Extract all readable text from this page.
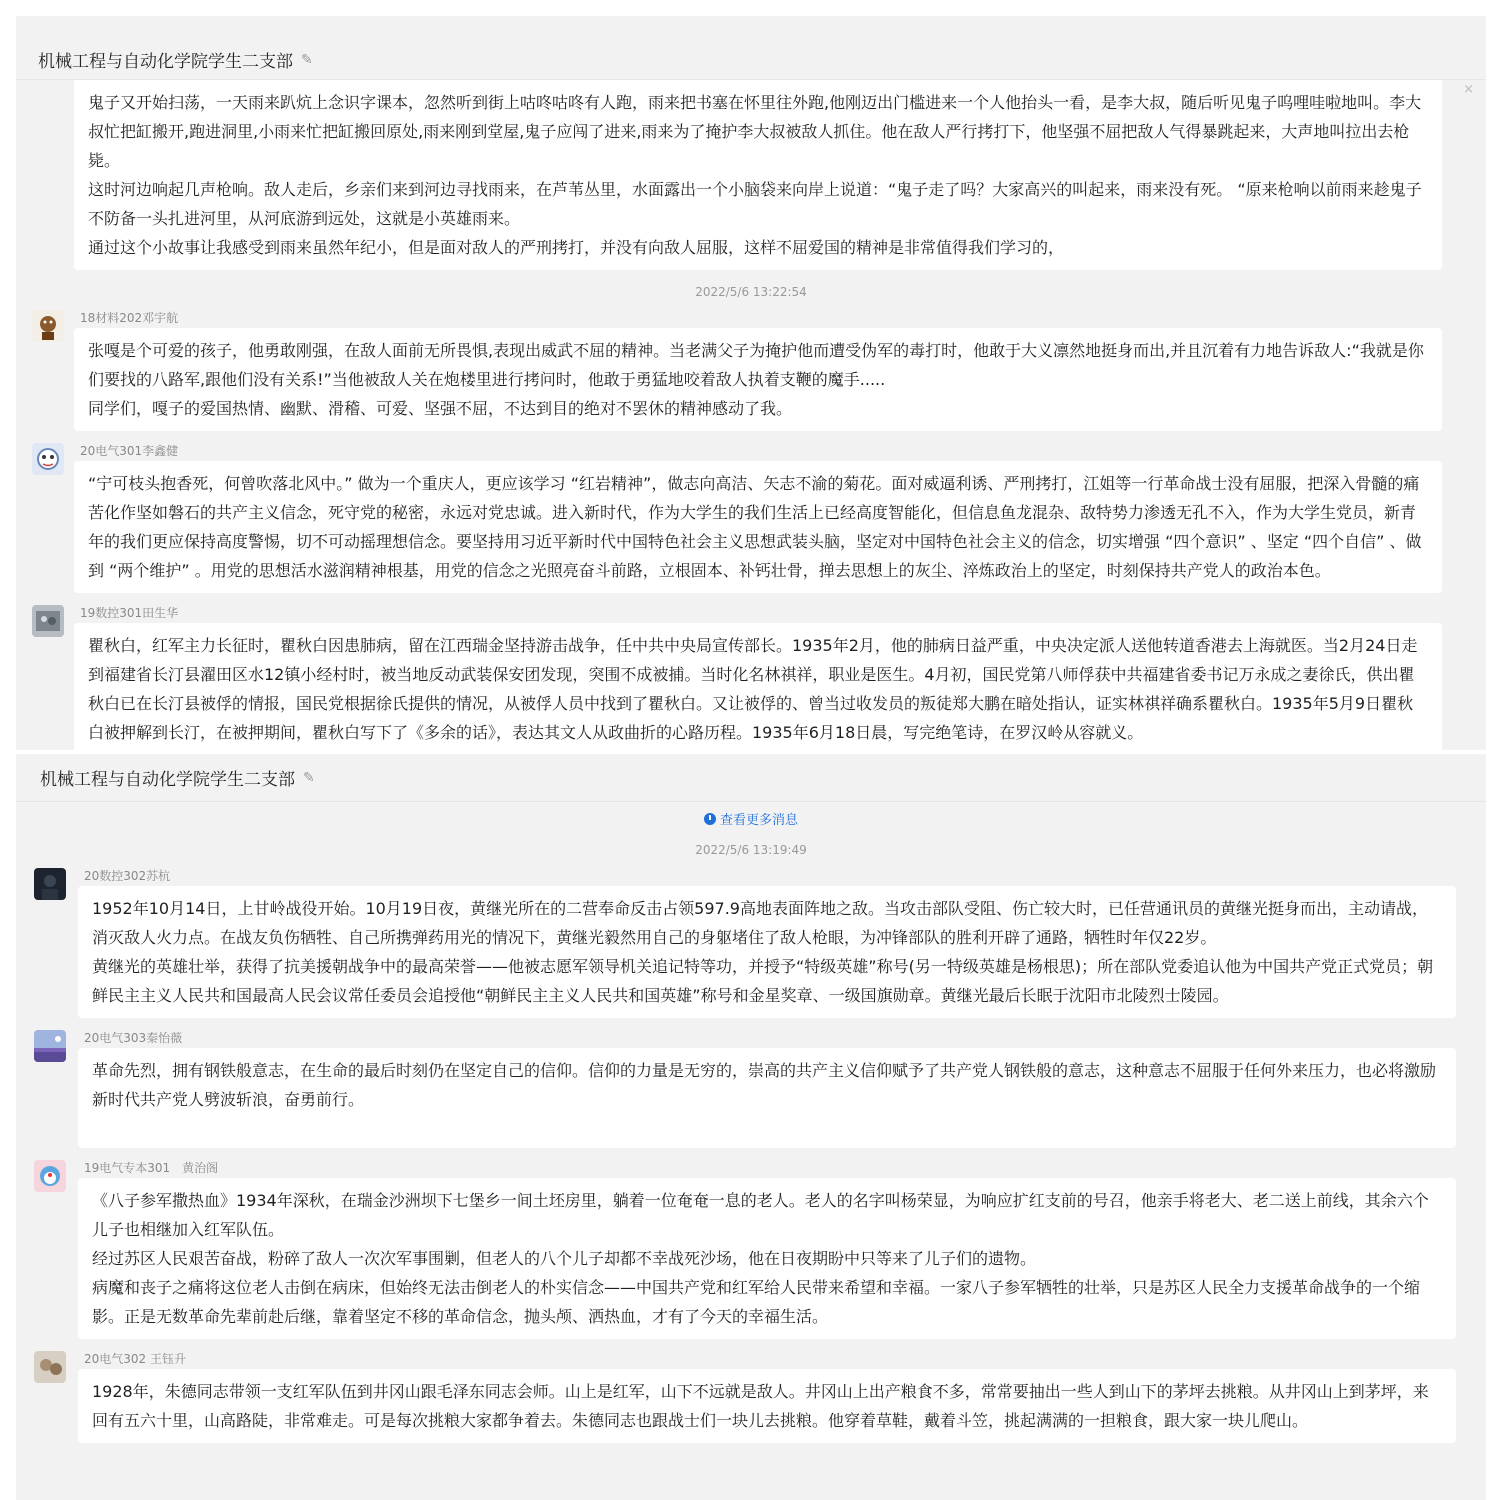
机械工程与自动化学院学生二支部 ✎
×

鬼子又开始扫荡，一天雨来趴炕上念识字课本，忽然听到街上咕咚咕咚有人跑，雨来把书塞在怀里往外跑,他刚迈出门槛进来一个人他抬头一看，是李大叔，随后听见鬼子呜哩哇啦地叫。李大叔忙把缸搬开,跑进洞里,小雨来忙把缸搬回原处,雨来刚到堂屋,鬼子应闯了进来,雨来为了掩护李大叔被敌人抓住。他在敌人严行拷打下，他坚强不屈把敌人气得暴跳起来，大声地叫拉出去枪毙。

这时河边响起几声枪响。敌人走后，乡亲们来到河边寻找雨来，在芦苇丛里，水面露出一个小脑袋来向岸上说道：“鬼子走了吗？大家高兴的叫起来，雨来没有死。 “原来枪响以前雨来趁鬼子不防备一头扎进河里，从河底游到远处，这就是小英雄雨来。

通过这个小故事让我感受到雨来虽然年纪小，但是面对敌人的严刑拷打，并没有向敌人屈服，这样不屈爱国的精神是非常值得我们学习的，

2022/5/6 13:22:54
18材料202邓宇航

张嘎是个可爱的孩子，他勇敢刚强，在敌人面前无所畏惧,表现出威武不屈的精神。当老满父子为掩护他而遭受伪军的毒打时，他敢于大义凛然地挺身而出,并且沉着有力地告诉敌人:“我就是你们要找的八路军,跟他们没有关系!”当他被敌人关在炮楼里进行拷问时，他敢于勇猛地咬着敌人执着支鞭的魔手.....

同学们，嘎子的爱国热情、幽默、滑稽、可爱、坚强不屈，不达到目的绝对不罢休的精神感动了我。

20电气301李鑫健

“宁可枝头抱香死，何曾吹落北风中。” 做为一个重庆人，更应该学习 “红岩精神”，做志向高洁、矢志不渝的菊花。面对威逼利诱、严刑拷打，江姐等一行革命战士没有屈服，把深入骨髓的痛苦化作坚如磐石的共产主义信念，死守党的秘密，永远对党忠诚。进入新时代，作为大学生的我们生活上已经高度智能化，但信息鱼龙混杂、敌特势力渗透无孔不入，作为大学生党员，新青年的我们更应保持高度警惕，切不可动摇理想信念。要坚持用习近平新时代中国特色社会主义思想武装头脑，坚定对中国特色社会主义的信念，切实增强 “四个意识” 、坚定 “四个自信” 、做到 “两个维护” 。用党的思想活水滋润精神根基，用党的信念之光照亮奋斗前路，立根固本、补钙壮骨，掸去思想上的灰尘、淬炼政治上的坚定，时刻保持共产党人的政治本色。

19数控301田生华

瞿秋白，红军主力长征时，瞿秋白因患肺病，留在江西瑞金坚持游击战争，任中共中央局宣传部长。1935年2月，他的肺病日益严重，中央决定派人送他转道香港去上海就医。当2月24日走到福建省长汀县濯田区水12镇小经村时，被当地反动武装保安团发现，突围不成被捕。当时化名林祺祥，职业是医生。4月初，国民党第八师俘获中共福建省委书记万永成之妻徐氏，供出瞿秋白已在长汀县被俘的情报，国民党根据徐氏提供的情况，从被俘人员中找到了瞿秋白。又让被俘的、曾当过收发员的叛徒郑大鹏在暗处指认，证实林祺祥确系瞿秋白。1935年5月9日瞿秋白被押解到长汀，在被押期间，瞿秋白写下了《多余的话》，表达其文人从政曲折的心路历程。1935年6月18日晨，写完绝笔诗，在罗汉岭从容就义。

机械工程与自动化学院学生二支部 ✎
查看更多消息
2022/5/6 13:19:49
20数控302苏杭

1952年10月14日，上甘岭战役开始。10月19日夜，黄继光所在的二营奉命反击占领597.9高地表面阵地之敌。当攻击部队受阻、伤亡较大时，已任营通讯员的黄继光挺身而出，主动请战，消灭敌人火力点。在战友负伤牺牲、自己所携弹药用光的情况下，黄继光毅然用自己的身躯堵住了敌人枪眼，为冲锋部队的胜利开辟了通路，牺牲时年仅22岁。

黄继光的英雄壮举，获得了抗美援朝战争中的最高荣誉——他被志愿军领导机关追记特等功，并授予“特级英雄”称号(另一特级英雄是杨根思)；所在部队党委追认他为中国共产党正式党员；朝鲜民主主义人民共和国最高人民会议常任委员会追授他“朝鲜民主主义人民共和国英雄”称号和金星奖章、一级国旗勋章。黄继光最后长眠于沈阳市北陵烈士陵园。

20电气303秦怡薇

革命先烈，拥有钢铁般意志，在生命的最后时刻仍在坚定自己的信仰。信仰的力量是无穷的，崇高的共产主义信仰赋予了共产党人钢铁般的意志，这种意志不屈服于任何外来压力，也必将激励新时代共产党人劈波斩浪，奋勇前行。

19电气专本301　黄治阁

《八子参军撒热血》1934年深秋，在瑞金沙洲坝下七堡乡一间土坯房里，躺着一位奄奄一息的老人。老人的名字叫杨荣显，为响应扩红支前的号召，他亲手将老大、老二送上前线，其余六个儿子也相继加入红军队伍。

经过苏区人民艰苦奋战，粉碎了敌人一次次军事围剿，但老人的八个儿子却都不幸战死沙场，他在日夜期盼中只等来了儿子们的遗物。

病魔和丧子之痛将这位老人击倒在病床，但始终无法击倒老人的朴实信念——中国共产党和红军给人民带来希望和幸福。一家八子参军牺牲的壮举，只是苏区人民全力支援革命战争的一个缩影。正是无数革命先辈前赴后继，靠着坚定不移的革命信念，抛头颅、洒热血，才有了今天的幸福生活。

20电气302 王钰升

1928年，朱德同志带领一支红军队伍到井冈山跟毛泽东同志会师。山上是红军，山下不远就是敌人。井冈山上出产粮食不多，常常要抽出一些人到山下的茅坪去挑粮。从井冈山上到茅坪，来回有五六十里，山高路陡，非常难走。可是每次挑粮大家都争着去。朱德同志也跟战士们一块儿去挑粮。他穿着草鞋，戴着斗笠，挑起满满的一担粮食，跟大家一块儿爬山。
